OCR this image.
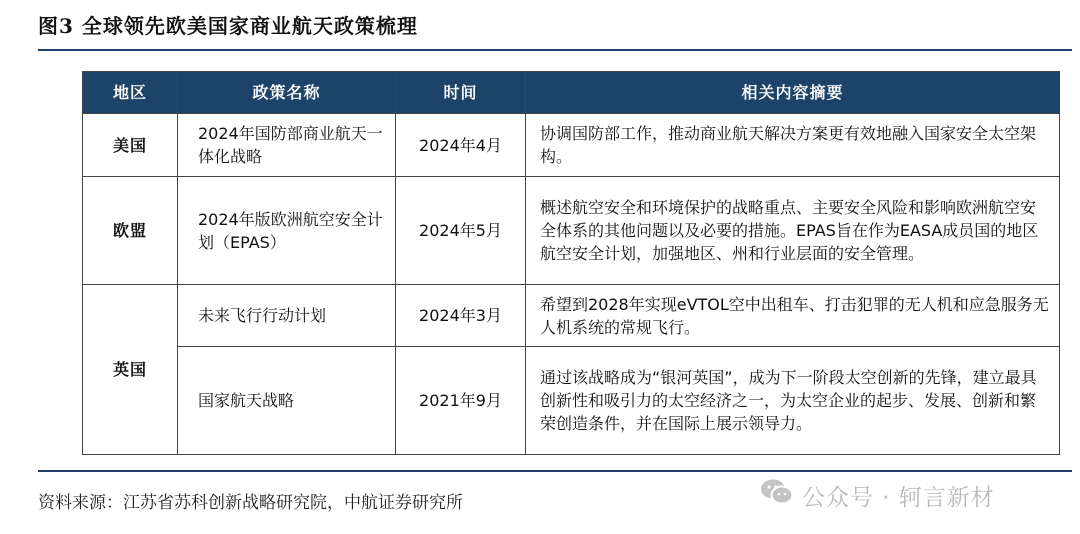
图3 全球领先欧美国家商业航天政策梳理
地区	政策名称	时间	相关内容摘要
美国	2024年国防部商业航天一体化战略	2024年4月	协调国防部工作，推动商业航天解决方案更有效地融入国家安全太空架构。
欧盟	2024年版欧洲航空安全计划（EPAS）	2024年5月	概述航空安全和环境保护的战略重点、主要安全风险和影响欧洲航空安全体系的其他问题以及必要的措施。EPAS旨在作为EASA成员国的地区航空安全计划，加强地区、州和行业层面的安全管理。
英国	未来飞行行动计划	2024年3月	希望到2028年实现eVTOL空中出租车、打击犯罪的无人机和应急服务无人机系统的常规飞行。
	国家航天战略	2021年9月	通过该战略成为“银河英国”，成为下一阶段太空创新的先锋，建立最具创新性和吸引力的太空经济之一，为太空企业的起步、发展、创新和繁荣创造条件，并在国际上展示领导力。
资料来源：江苏省苏科创新战略研究院，中航证券研究所	公众号 · 轲言新材
